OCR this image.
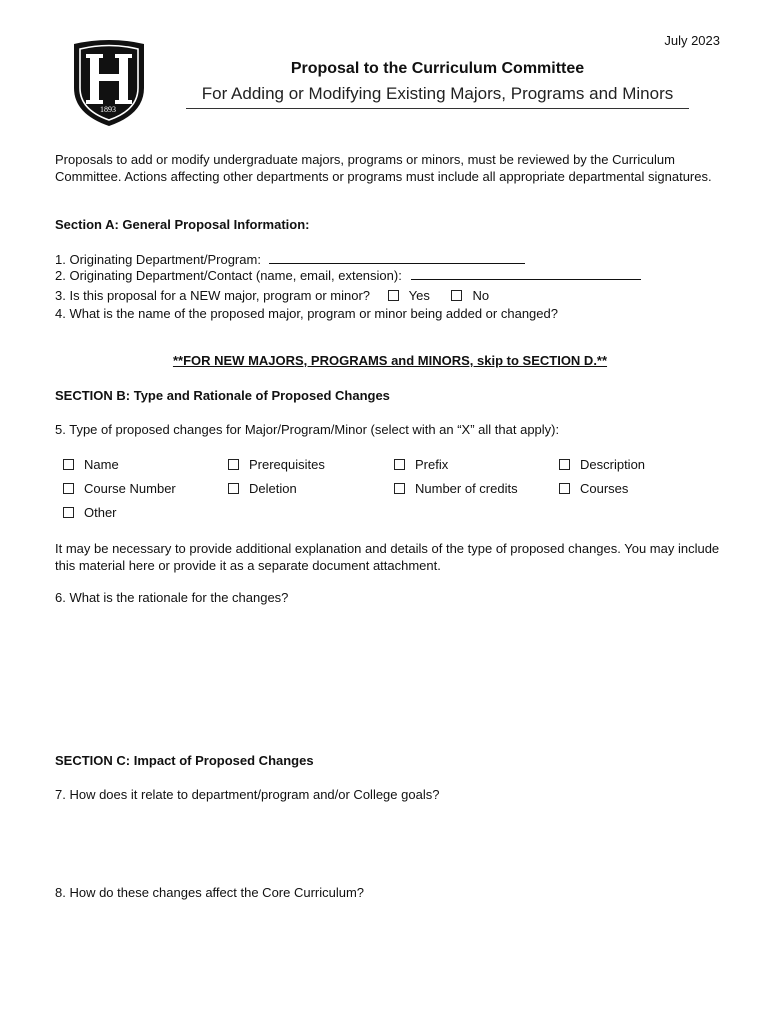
July 2023
1893
Proposal to the Curriculum Committee
For Adding or Modifying Existing Majors, Programs and Minors
Proposals to add or modify undergraduate majors, programs or minors, must be reviewed by the Curriculum Committee. Actions affecting other departments or programs must include all appropriate departmental signatures.
Section A: General Proposal Information:
1. Originating Department/Program:
2. Originating Department/Contact (name, email, extension):
3. Is this proposal for a NEW major, program or minor?	Yes	No
4. What is the name of the proposed major, program or minor being added or changed?
**FOR NEW MAJORS, PROGRAMS and MINORS, skip to SECTION D.**
SECTION B: Type and Rationale of Proposed Changes
5. Type of proposed changes for Major/Program/Minor (select with an “X” all that apply):
Name	Prerequisites	Prefix	Description
Course Number	Deletion	Number of credits	Courses
Other
It may be necessary to provide additional explanation and details of the type of proposed changes. You may include this material here or provide it as a separate document attachment.
6. What is the rationale for the changes?
SECTION C: Impact of Proposed Changes
7. How does it relate to department/program and/or College goals?
8. How do these changes affect the Core Curriculum?
